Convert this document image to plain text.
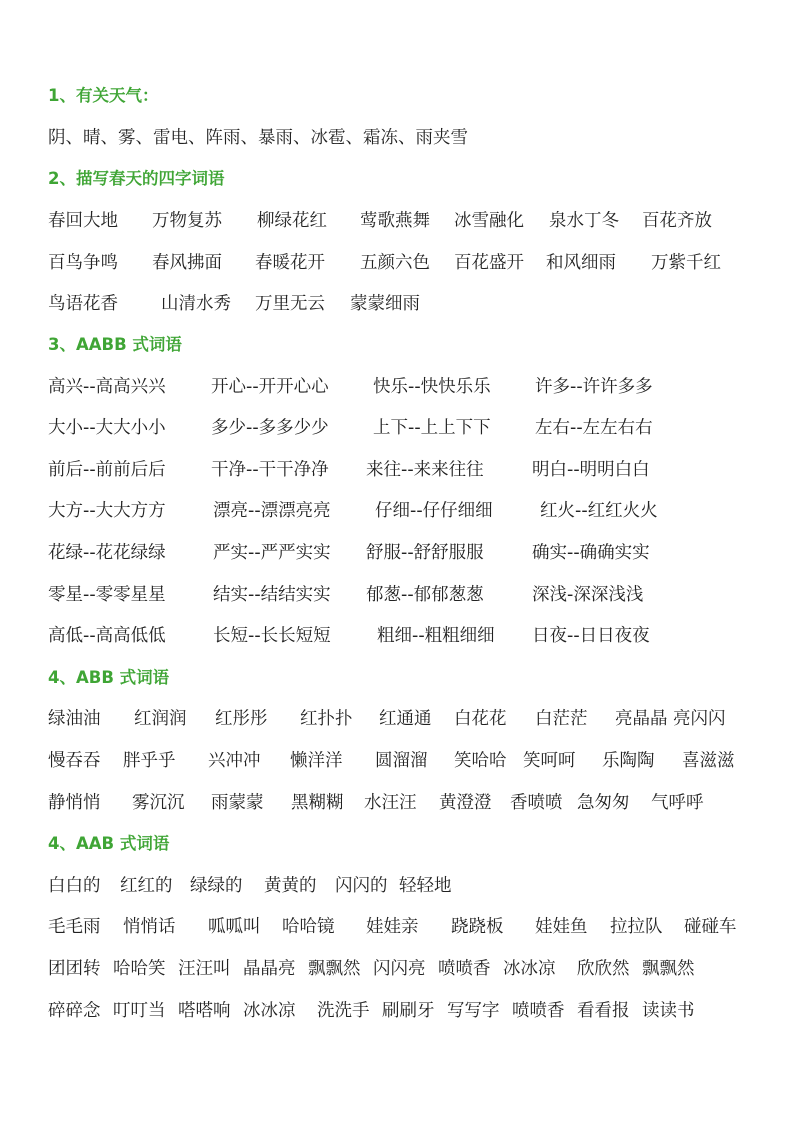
1、有关天气：
阴、晴、雾、雷电、阵雨、暴雨、冰雹、霜冻、雨夹雪
2、描写春天的四字词语
春回大地 万物复苏 柳绿花红 莺歌燕舞 冰雪融化 泉水丁冬 百花齐放
百鸟争鸣 春风拂面 春暖花开 五颜六色 百花盛开 和风细雨 万紫千红
鸟语花香 山清水秀 万里无云 蒙蒙细雨
3、AABB 式词语
高兴--高高兴兴	开心--开开心心	快乐--快快乐乐	许多--许许多多
大小--大大小小	多少--多多少少	上下--上上下下	左右--左左右右
前后--前前后后	干净--干干净净 来往--来来往往	明白--明明白白
大方--大大方方	漂亮--漂漂亮亮	仔细--仔仔细细	红火--红红火火
花绿--花花绿绿	严实--严严实实 舒服--舒舒服服	确实--确确实实
零星--零零星星	结实--结结实实 郁葱--郁郁葱葱	深浅-深深浅浅
高低--高高低低	长短--长长短短	粗细--粗粗细细 日夜--日日夜夜
4、ABB 式词语
绿油油 红润润 红彤彤 红扑扑 红通通 白花花 白茫茫 亮晶晶 亮闪闪
慢吞吞 胖乎乎 兴冲冲 懒洋洋 圆溜溜 笑哈哈 笑呵呵 乐陶陶 喜滋滋
静悄悄 雾沉沉 雨蒙蒙 黑糊糊 水汪汪 黄澄澄 香喷喷 急匆匆 气呼呼
4、AAB 式词语
白白的 红红的 绿绿的 黄黄的 闪闪的 轻轻地
毛毛雨 悄悄话 呱呱叫 哈哈镜 娃娃亲 跷跷板 娃娃鱼 拉拉队 碰碰车
团团转 哈哈笑 汪汪叫 晶晶亮 飘飘然 闪闪亮 喷喷香 冰冰凉 欣欣然 飘飘然
碎碎念 叮叮当 嗒嗒响 冰冰凉 洗洗手 刷刷牙 写写字 喷喷香 看看报 读读书
